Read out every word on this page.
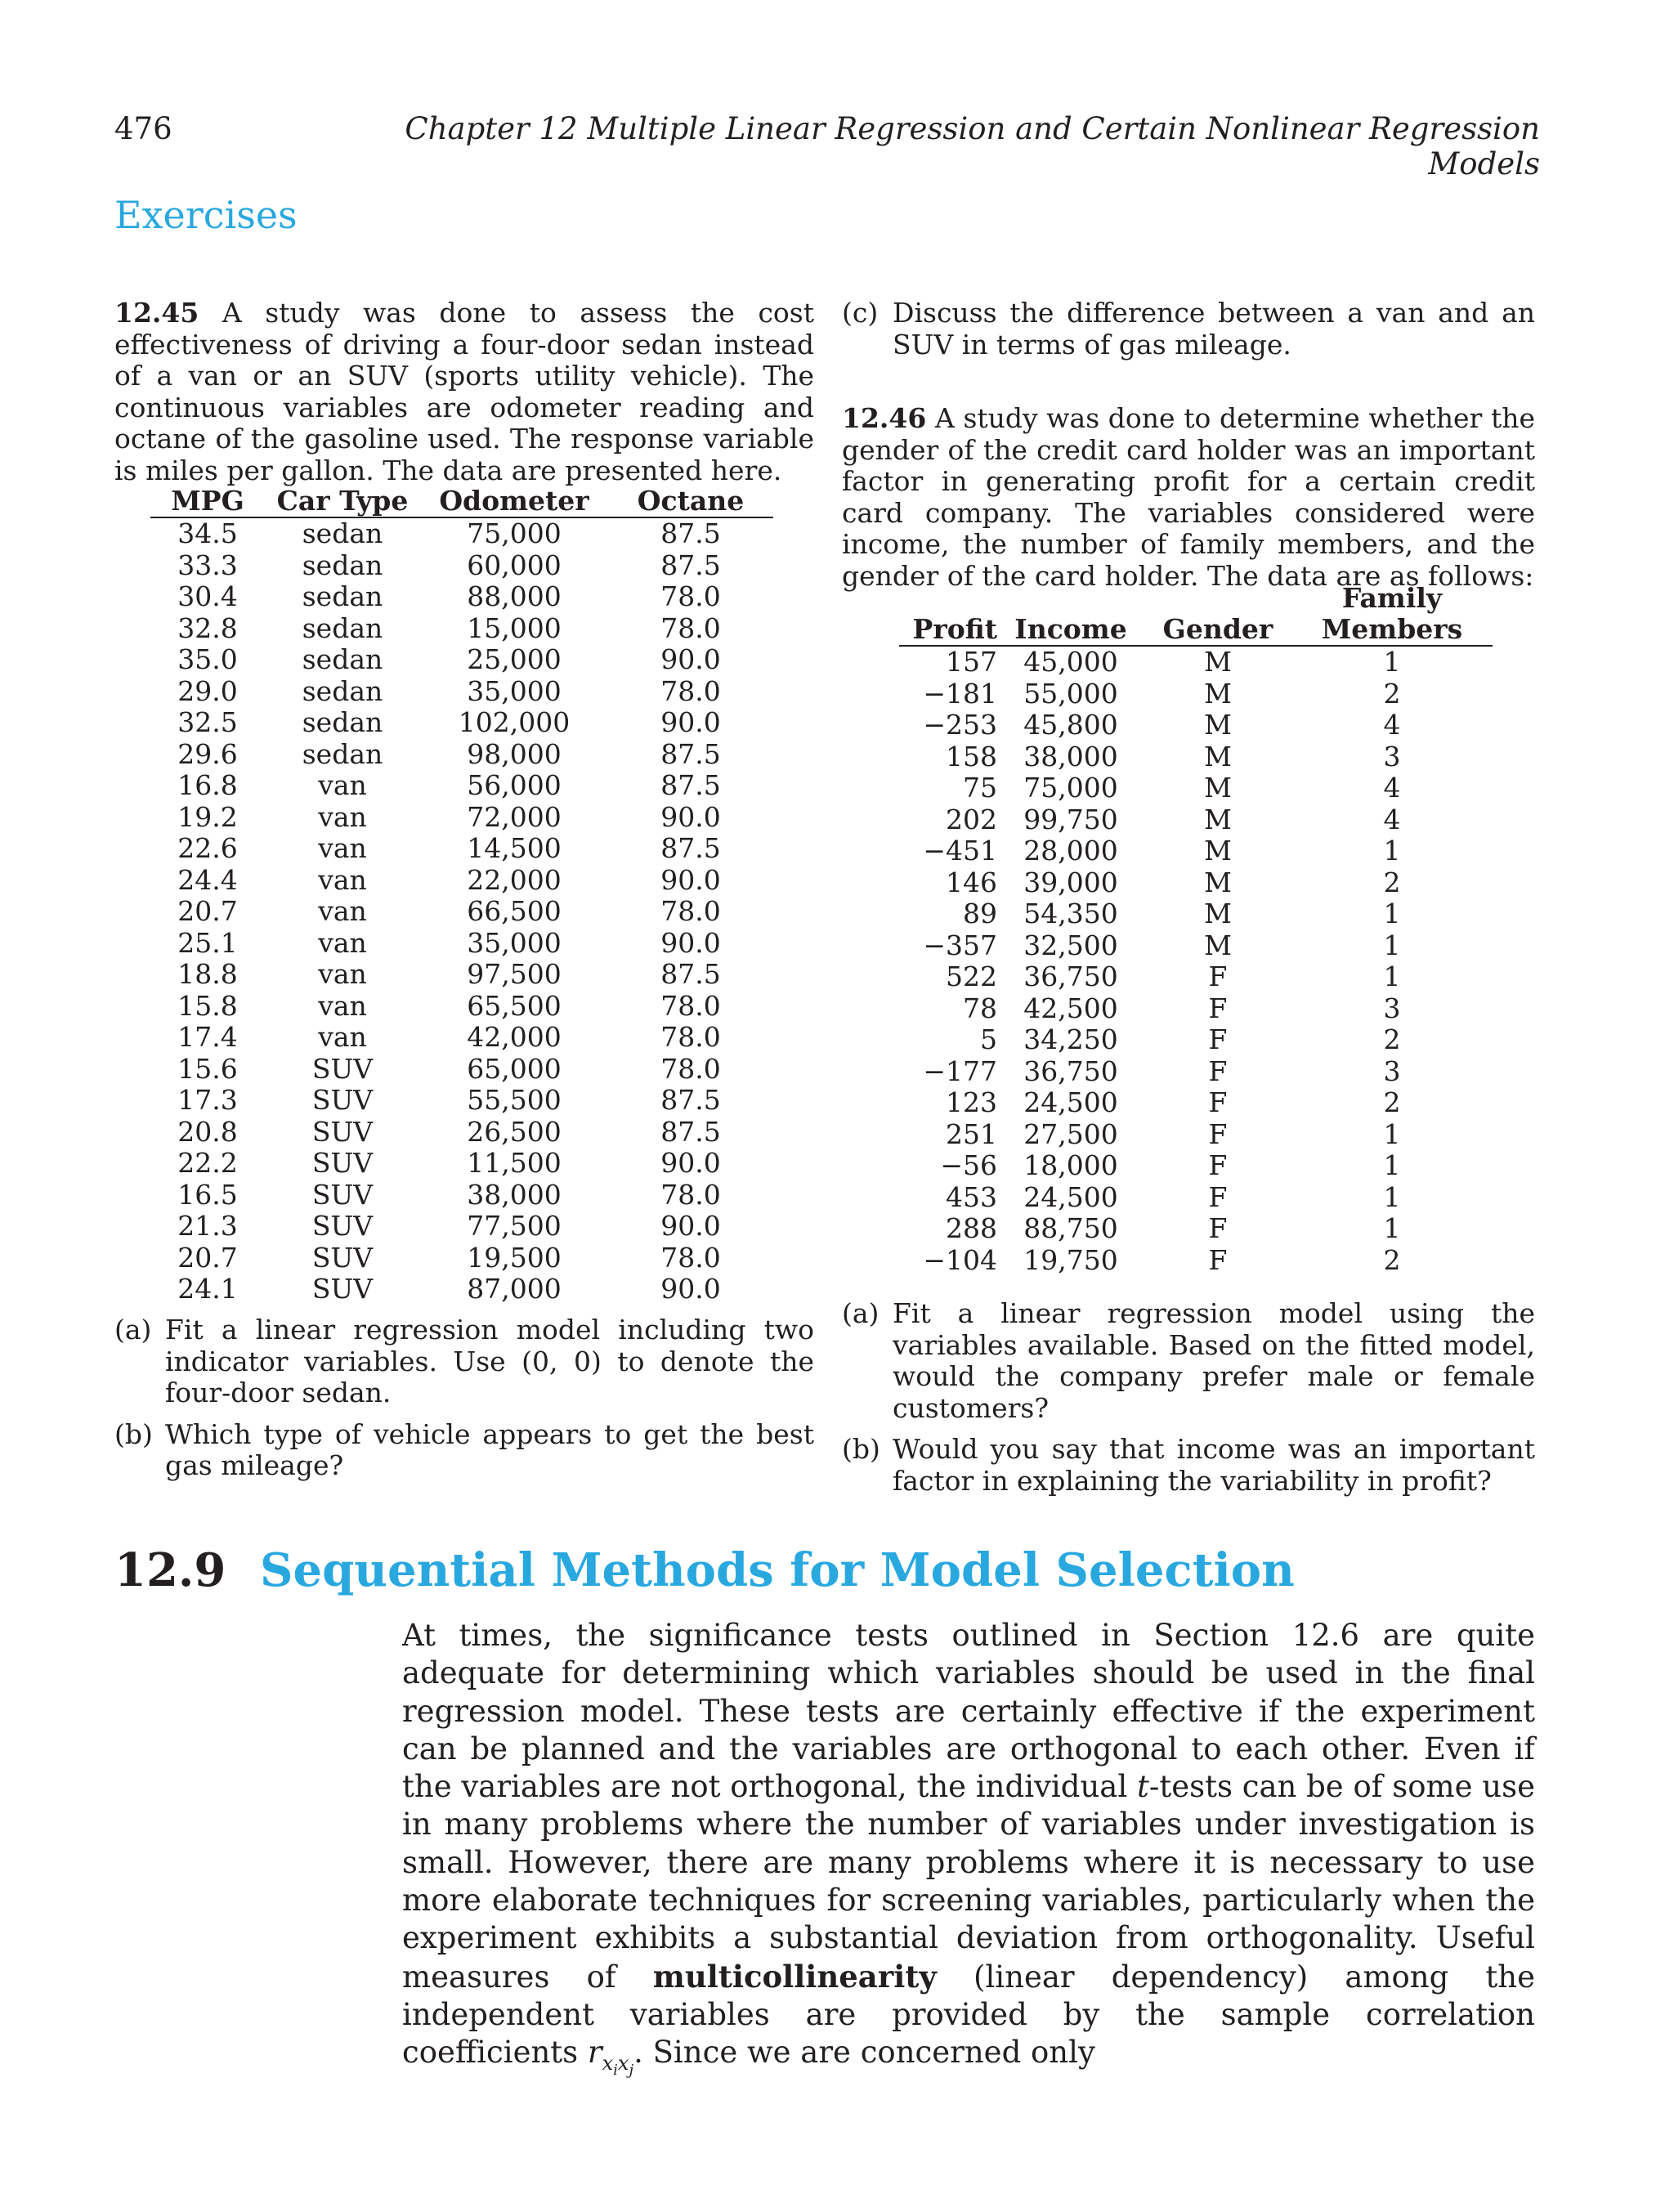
476	Chapter 12 Multiple Linear Regression and Certain Nonlinear Regression Models
Exercises

12.45 A study was done to assess the cost effectiveness of driving a four-door sedan instead of a van or an SUV (sports utility vehicle). The continuous variables are odometer reading and octane of the gasoline used. The response variable is miles per gallon. The data are presented here.

MPG	Car Type	Odometer	Octane
34.5	sedan	75,000	87.5
33.3	sedan	60,000	87.5
30.4	sedan	88,000	78.0
32.8	sedan	15,000	78.0
35.0	sedan	25,000	90.0
29.0	sedan	35,000	78.0
32.5	sedan	102,000	90.0
29.6	sedan	98,000	87.5
16.8	van	56,000	87.5
19.2	van	72,000	90.0
22.6	van	14,500	87.5
24.4	van	22,000	90.0
20.7	van	66,500	78.0
25.1	van	35,000	90.0
18.8	van	97,500	87.5
15.8	van	65,500	78.0
17.4	van	42,000	78.0
15.6	SUV	65,000	78.0
17.3	SUV	55,500	87.5
20.8	SUV	26,500	87.5
22.2	SUV	11,500	90.0
16.5	SUV	38,000	78.0
21.3	SUV	77,500	90.0
20.7	SUV	19,500	78.0
24.1	SUV	87,000	90.0
(a) Fit a linear regression model including two indicator variables. Use (0, 0) to denote the four-door sedan.
(b) Which type of vehicle appears to get the best gas mileage?
(c) Discuss the difference between a van and an SUV in terms of gas mileage.

12.46 A study was done to determine whether the gender of the credit card holder was an important factor in generating profit for a certain credit card company. The variables considered were income, the number of family members, and the gender of the card holder. The data are as follows:

			Family
Profit	Income	Gender	Members
157	45,000	M	1
−181	55,000	M	2
−253	45,800	M	4
158	38,000	M	3
75	75,000	M	4
202	99,750	M	4
−451	28,000	M	1
146	39,000	M	2
89	54,350	M	1
−357	32,500	M	1
522	36,750	F	1
78	42,500	F	3
5	34,250	F	2
−177	36,750	F	3
123	24,500	F	2
251	27,500	F	1
−56	18,000	F	1
453	24,500	F	1
288	88,750	F	1
−104	19,750	F	2
(a) Fit a linear regression model using the variables available. Based on the fitted model, would the company prefer male or female customers?
(b) Would you say that income was an important factor in explaining the variability in profit?
12.9 Sequential Methods for Model Selection

At times, the significance tests outlined in Section 12.6 are quite adequate for determining which variables should be used in the final regression model. These tests are certainly effective if the experiment can be planned and the variables are orthogonal to each other. Even if the variables are not orthogonal, the individual t-tests can be of some use in many problems where the number of variables under investigation is small. However, there are many problems where it is necessary to use more elaborate techniques for screening variables, particularly when the experiment exhibits a substantial deviation from orthogonality. Useful measures of multicollinearity (linear dependency) among the independent variables are provided by the sample correlation coefficients $r_{x_ix_j}$. Since we are concerned only
